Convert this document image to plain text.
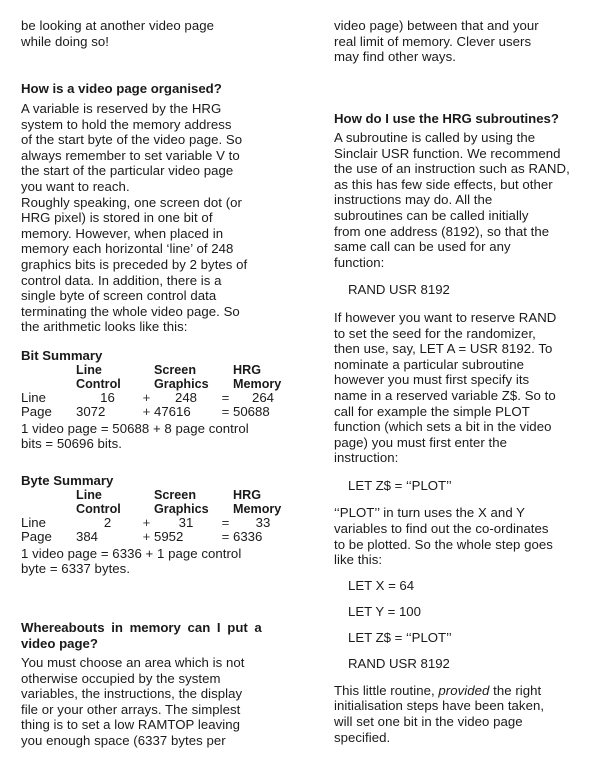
be looking at another video page
while doing so!
How is a video page organised?
A variable is reserved by the HRG
system to hold the memory address
of the start byte of the video page. So
always remember to set variable V to
the start of the particular video page
you want to reach.
Roughly speaking, one screen dot (or
HRG pixel) is stored in one bit of
memory. However, when placed in
memory each horizontal ‘line’ of 248
graphics bits is preceded by 2 bytes of
control data. In addition, there is a
single byte of screen control data
terminating the whole video page. So
the arithmetic looks like this:
Bit Summary
	Line		Screen		HRG
	Control		Graphics		Memory
Line	16	+	248	=	264
Page	3072	+	47616	=	50688
1 video page = 50688 + 8 page control
bits = 50696 bits.
Byte Summary
	Line		Screen		HRG
	Control		Graphics		Memory
Line	2	+	31	=	33
Page	384	+	5952	=	6336
1 video page = 6336 + 1 page control
byte = 6337 bytes.
Whereabouts in memory can I put a
video page?
You must choose an area which is not
otherwise occupied by the system
variables, the instructions, the display
file or your other arrays. The simplest
thing is to set a low RAMTOP leaving
you enough space (6337 bytes per
video page) between that and your
real limit of memory. Clever users
may find other ways.
How do I use the HRG subroutines?
A subroutine is called by using the
Sinclair USR function. We recommend
the use of an instruction such as RAND,
as this has few side effects, but other
instructions may do. All the
subroutines can be called initially
from one address (8192), so that the
same call can be used for any
function:
RAND USR 8192
If however you want to reserve RAND
to set the seed for the randomizer,
then use, say, LET A = USR 8192. To
nominate a particular subroutine
however you must first specify its
name in a reserved variable Z$. So to
call for example the simple PLOT
function (which sets a bit in the video
page) you must first enter the
instruction:
LET Z$ = ‘‘PLOT’’
‘‘PLOT’’ in turn uses the X and Y
variables to find out the co-ordinates
to be plotted. So the whole step goes
like this:
LET X = 64
LET Y = 100
LET Z$ = ‘‘PLOT’’
RAND USR 8192
This little routine, provided the right
initialisation steps have been taken,
will set one bit in the video page
specified.
